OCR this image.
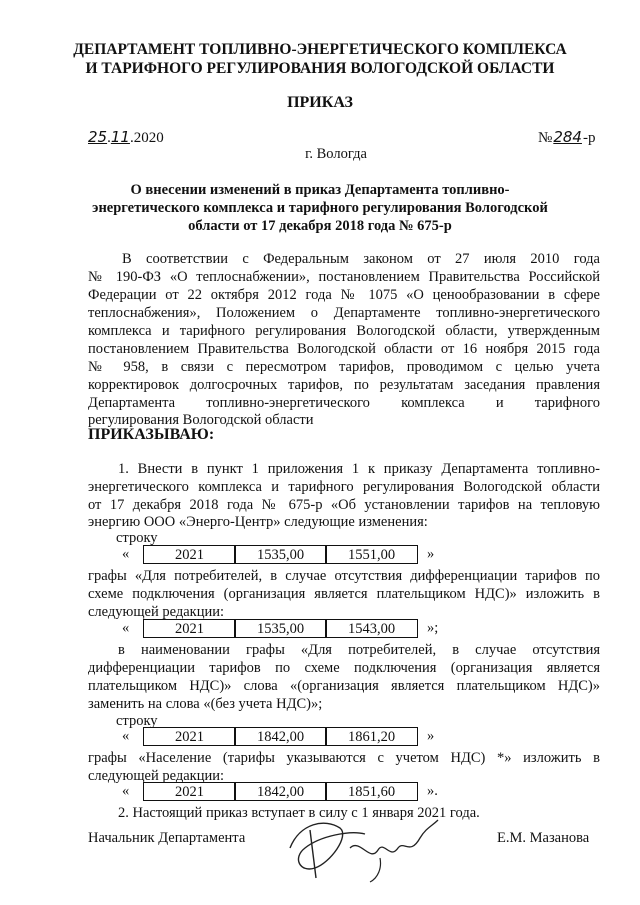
ДЕПАРТАМЕНТ ТОПЛИВНО-ЭНЕРГЕТИЧЕСКОГО КОМПЛЕКСА
И ТАРИФНОГО РЕГУЛИРОВАНИЯ ВОЛОГОДСКОЙ ОБЛАСТИ
ПРИКАЗ
25.11.2020	№284-р
г. Вологда
О внесении изменений в приказ Департамента топливно-
энергетического комплекса и тарифного регулирования Вологодской
области от 17 декабря 2018 года № 675-р
В соответствии с Федеральным законом от 27 июля 2010 года
№ 190-ФЗ «О теплоснабжении», постановлением Правительства Российской
Федерации от 22 октября 2012 года № 1075 «О ценообразовании в сфере
теплоснабжения», Положением о Департаменте топливно-энергетического
комплекса и тарифного регулирования Вологодской области, утвержденным
постановлением Правительства Вологодской области от 16 ноября 2015 года
№ 958, в связи с пересмотром тарифов, проводимом с целью учета
корректировок долгосрочных тарифов, по результатам заседания правления
Департамента топливно-энергетического комплекса и тарифного
регулирования Вологодской области
ПРИКАЗЫВАЮ:
1. Внести в пункт 1 приложения 1 к приказу Департамента топливно-
энергетического комплекса и тарифного регулирования Вологодской области
от 17 декабря 2018 года № 675-р «Об установлении тарифов на тепловую
энергию ООО «Энерго-Центр» следующие изменения:
строку
«	2021	1535,00	1551,00	»
графы «Для потребителей, в случае отсутствия дифференциации тарифов по
схеме подключения (организация является плательщиком НДС)» изложить в
следующей редакции:
«	2021	1535,00	1543,00	»;
в наименовании графы «Для потребителей, в случае отсутствия
дифференциации тарифов по схеме подключения (организация является
плательщиком НДС)» слова «(организация является плательщиком НДС)»
заменить на слова «(без учета НДС)»;
строку
«	2021	1842,00	1861,20	»
графы «Население (тарифы указываются с учетом НДС) *» изложить в
следующей редакции:
«	2021	1842,00	1851,60	».
2. Настоящий приказ вступает в силу с 1 января 2021 года.
Начальник Департамента	Е.М. Мазанова
